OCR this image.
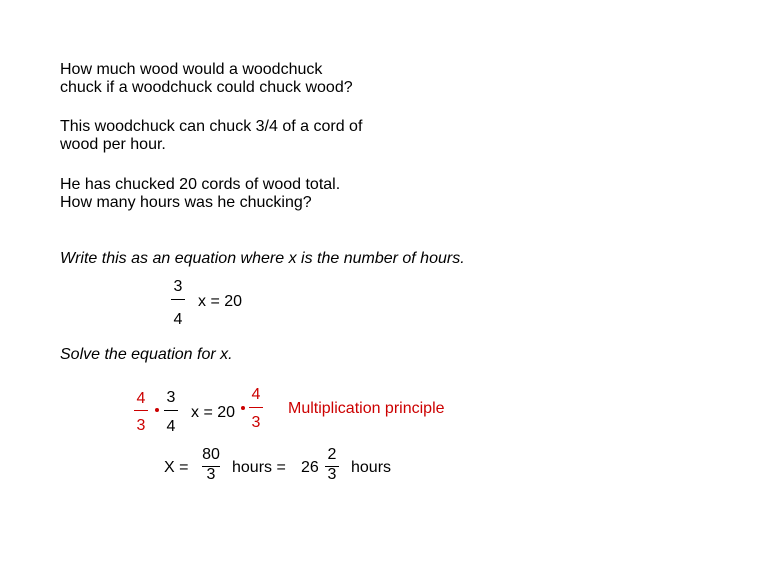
How much wood would a woodchuck
chuck if a woodchuck could chuck wood?
This woodchuck can chuck 3/4 of a cord of
wood per hour.
He has chucked 20 cords of wood total.
How many hours was he chucking?
Write this as an equation where x is the number of hours.
3
4
x = 20
Solve the equation for x.
4
3
3
4
x = 20
4
3
Multiplication principle
X =
80
3	hours = 26
2
3 hours
